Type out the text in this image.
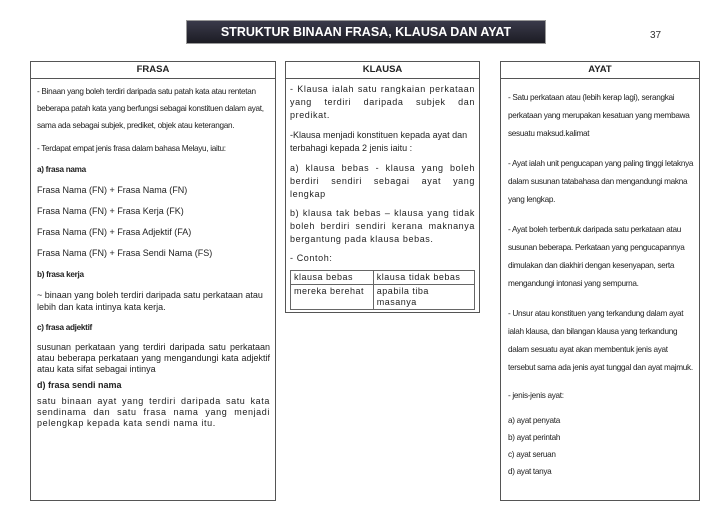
STRUKTUR BINAAN FRASA, KLAUSA DAN AYAT	37
FRASA

- Binaan yang boleh terdiri daripada satu patah kata atau rentetan beberapa patah kata yang berfungsi sebagai konstituen dalam ayat, sama ada sebagai subjek, prediket, objek atau keterangan.

- Terdapat empat jenis frasa dalam bahasa Melayu, iaitu:

a) frasa nama

Frasa Nama (FN) + Frasa Nama (FN)

Frasa Nama (FN) + Frasa Kerja (FK)

Frasa Nama (FN) + Frasa Adjektif (FA)

Frasa Nama (FN) + Frasa Sendi Nama (FS)

b) frasa kerja

~ binaan yang boleh terdiri daripada satu perkataan atau lebih dan kata intinya kata kerja.

c) frasa adjektif

susunan perkataan yang terdiri daripada satu perkataan atau beberapa perkataan yang mengandungi kata adjektif atau kata sifat sebagai intinya

d) frasa sendi nama

satu binaan ayat yang terdiri daripada satu kata sendinama dan satu frasa nama yang menjadi pelengkap kepada kata sendi nama itu.

KLAUSA

- Klausa ialah satu rangkaian perkataan yang terdiri daripada subjek dan predikat.

-Klausa menjadi konstituen kepada ayat dan terbahagi kepada 2 jenis iaitu :

a) klausa bebas - klausa yang boleh berdiri sendiri sebagai ayat yang lengkap

b) klausa tak bebas – klausa yang tidak boleh berdiri sendiri kerana maknanya bergantung pada klausa bebas.

- Contoh:

klausa bebas	klausa tidak bebas
mereka berehat	apabila tiba masanya
AYAT

- Satu perkataan atau (lebih kerap lagi), serangkai perkataan yang merupakan kesatuan yang membawa sesuatu maksud.kalimat

- Ayat ialah unit pengucapan yang paling tinggi letaknya dalam susunan tatabahasa dan mengandungi makna yang lengkap.

- Ayat boleh terbentuk daripada satu perkataan atau susunan beberapa. Perkataan yang pengucapannya dimulakan dan diakhiri dengan kesenyapan, serta mengandungi intonasi yang sempurna.

- Unsur atau konstituen yang terkandung dalam ayat ialah klausa, dan bilangan klausa yang terkandung dalam sesuatu ayat akan membentuk jenis ayat tersebut sama ada jenis ayat tunggal dan ayat majmuk.

- jenis-jenis ayat:

a) ayat penyata

b) ayat perintah

c) ayat seruan

d) ayat tanya
